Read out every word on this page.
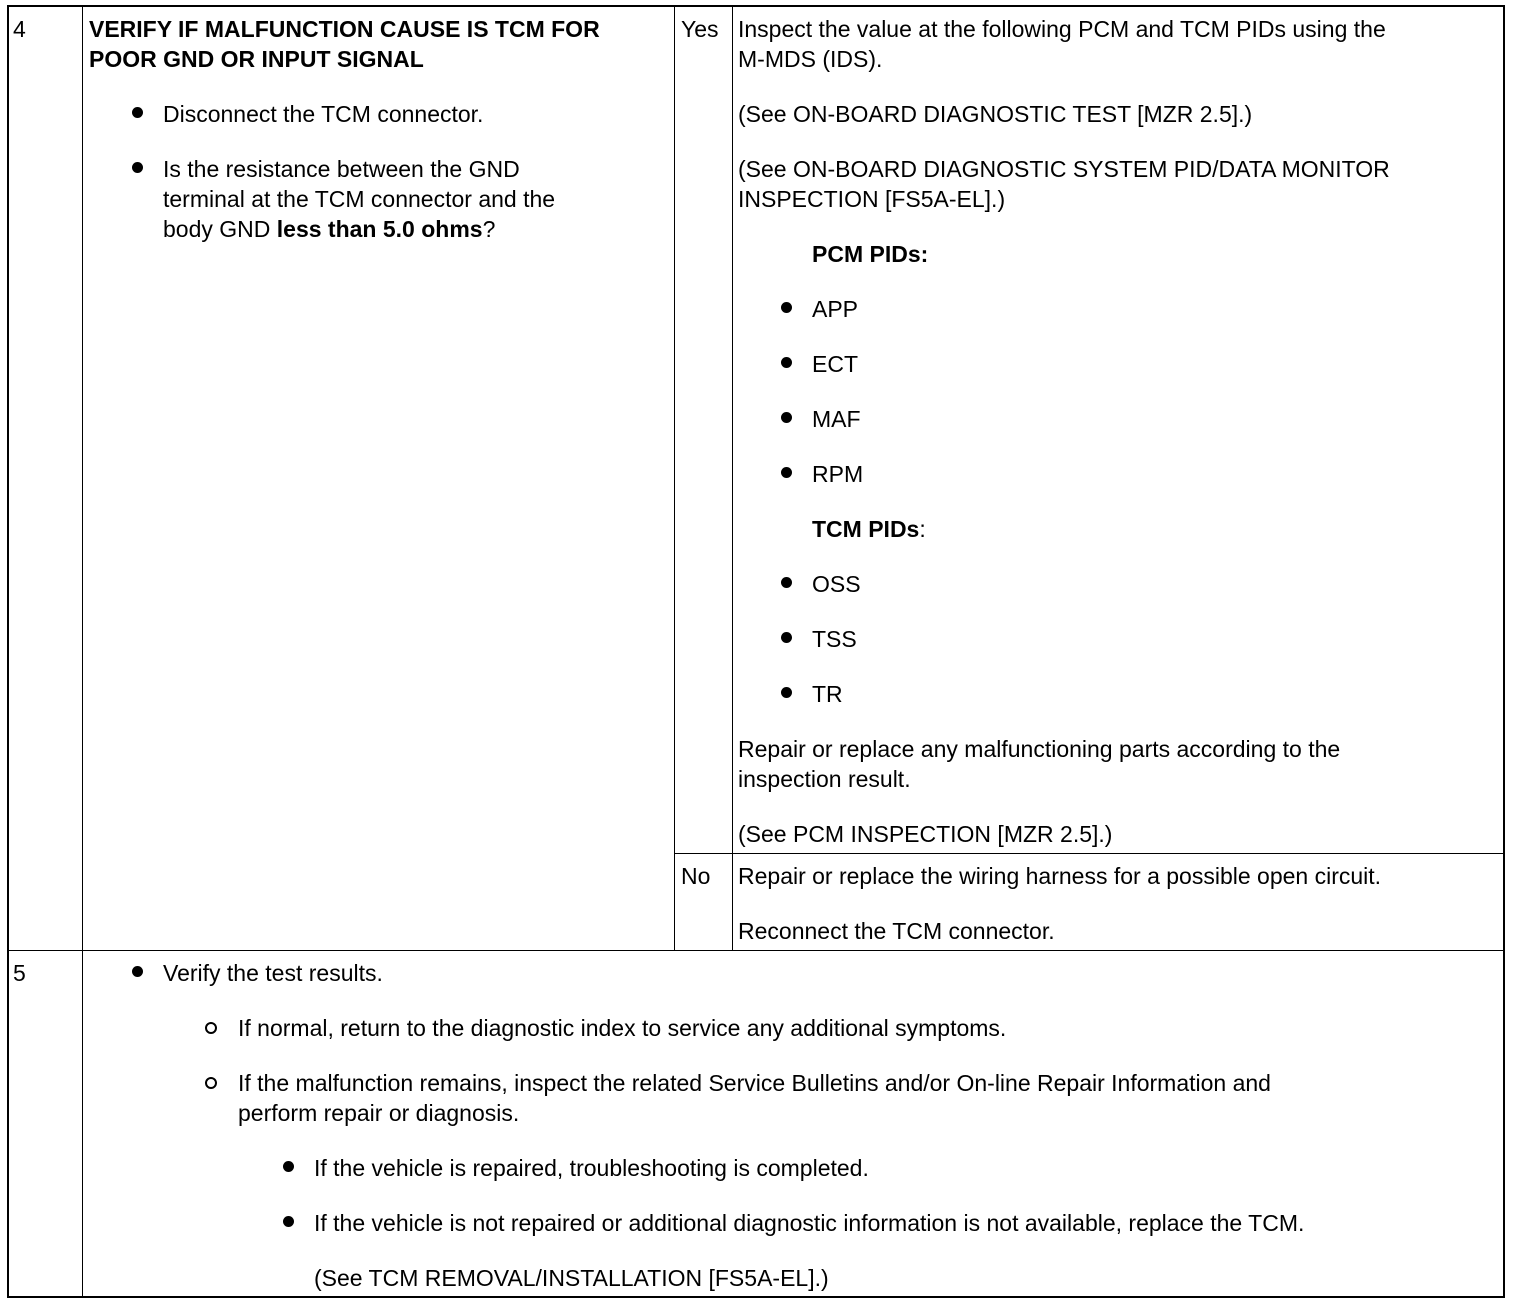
4	VERIFY IF MALFUNCTION CAUSE IS TCM FOR
POOR GND OR INPUT SIGNAL
Disconnect the TCM connector.
Is the resistance between the GND
terminal at the TCM connector and the
body GND less than 5.0 ohms?
Yes Inspect the value at the following PCM and TCM PIDs using the
M-MDS (IDS).
(See ON-BOARD DIAGNOSTIC TEST [MZR 2.5].)
(See ON-BOARD DIAGNOSTIC SYSTEM PID/DATA MONITOR
INSPECTION [FS5A-EL].)
PCM PIDs:
APP
ECT
MAF
RPM
TCM PIDs:
OSS
TSS
TR
Repair or replace any malfunctioning parts according to the
inspection result.
(See PCM INSPECTION [MZR 2.5].)
No Repair or replace the wiring harness for a possible open circuit.
Reconnect the TCM connector.
5	Verify the test results.
If normal, return to the diagnostic index to service any additional symptoms.
If the malfunction remains, inspect the related Service Bulletins and/or On-line Repair Information and
perform repair or diagnosis.
If the vehicle is repaired, troubleshooting is completed.
If the vehicle is not repaired or additional diagnostic information is not available, replace the TCM.
(See TCM REMOVAL/INSTALLATION [FS5A-EL].)
